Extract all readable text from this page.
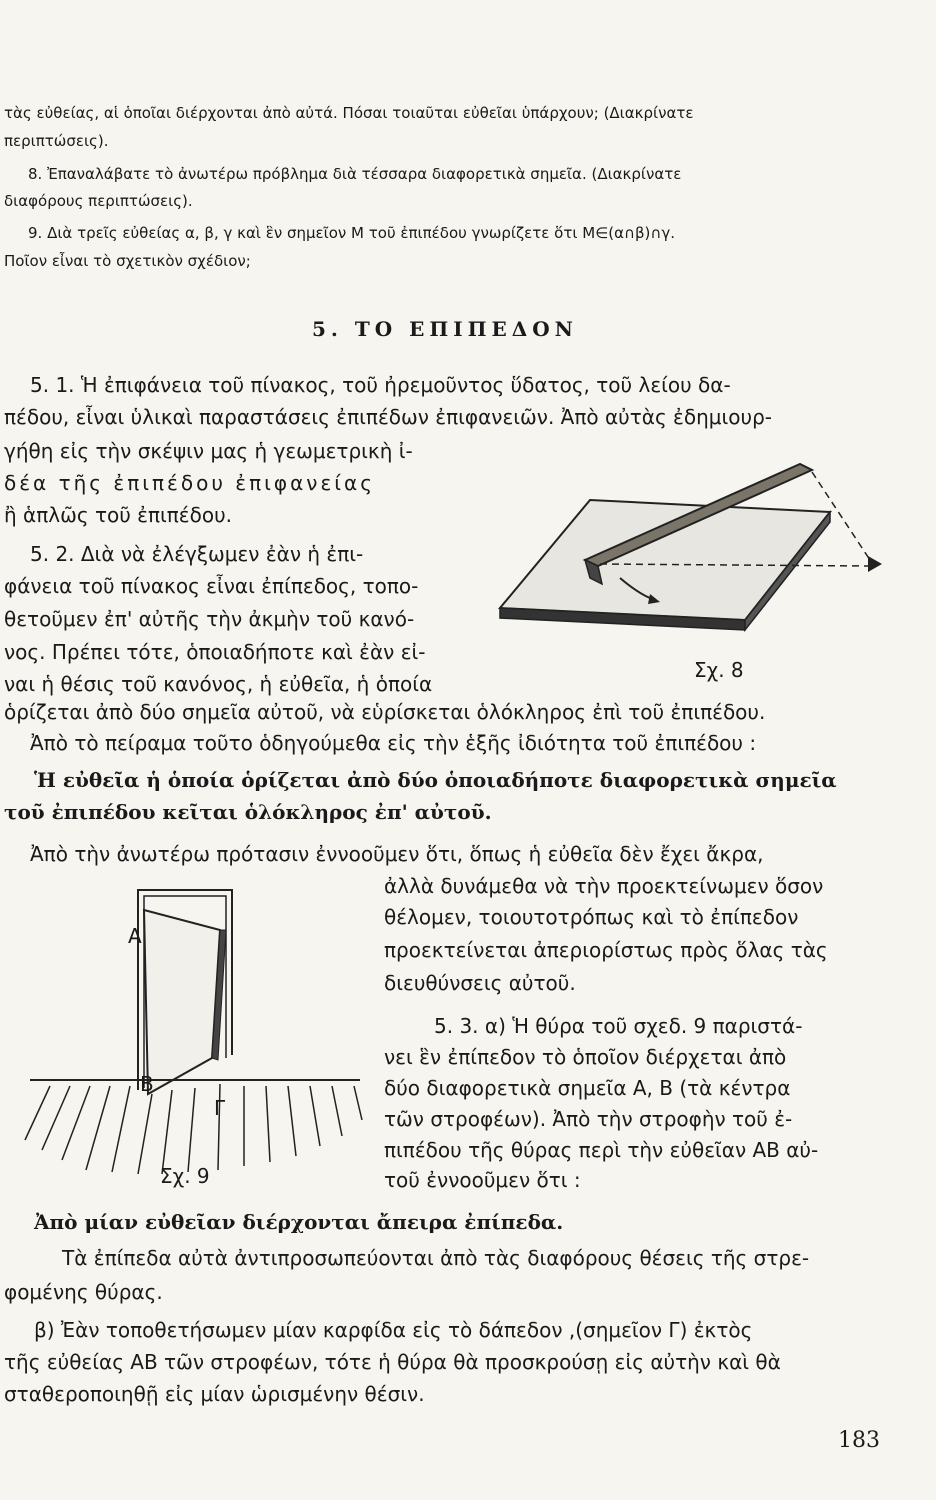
τὰς εὐθείας, αἱ ὁποῖαι διέρχονται ἀπὸ αὐτά. Πόσαι τοιαῦται εὐθεῖαι ὑπάρχουν; (Διακρίνατε

περιπτώσεις).

8. Ἐπαναλάβατε τὸ ἀνωτέρω πρόβλημα διὰ τέσσαρα διαφορετικὰ σημεῖα. (Διακρίνατε

διαφόρους περιπτώσεις).

9. Διὰ τρεῖς εὐθείας α, β, γ καὶ ἓν σημεῖον Μ τοῦ ἐπιπέδου γνωρίζετε ὅτι Μ∈(α∩β)∩γ.

Ποῖον εἶναι τὸ σχετικὸν σχέδιον;

5. ΤΟ ΕΠΙΠΕΔΟΝ

5. 1. Ἡ ἐπιφάνεια τοῦ πίνακος, τοῦ ἠρεμοῦντος ὕδατος, τοῦ λείου δα-

πέδου, εἶναι ὑλικαὶ παραστάσεις ἐπιπέδων ἐπιφανειῶν. Ἀπὸ αὐτὰς ἐδημιουρ-

γήθη εἰς τὴν σκέψιν μας ἡ γεωμετρικὴ ἰ-

δέα τῆς ἐπιπέδου ἐπιφανείας

ἢ ἁπλῶς τοῦ ἐπιπέδου.

Σχ. 8

5. 2. Διὰ νὰ ἐλέγξωμεν ἐὰν ἡ ἐπι-

φάνεια τοῦ πίνακος εἶναι ἐπίπεδος, τοπο-

θετοῦμεν ἐπ' αὐτῆς τὴν ἀκμὴν τοῦ κανό-

νος. Πρέπει τότε, ὁποιαδήποτε καὶ ἐὰν εἰ-

ναι ἡ θέσις τοῦ κανόνος, ἡ εὐθεῖα, ἡ ὁποία

ὁρίζεται ἀπὸ δύο σημεῖα αὐτοῦ, νὰ εὑρίσκεται ὁλόκληρος ἐπὶ τοῦ ἐπιπέδου.

Ἀπὸ τὸ πείραμα τοῦτο ὁδηγούμεθα εἰς τὴν ἑξῆς ἰδιότητα τοῦ ἐπιπέδου :

Ἡ εὐθεῖα ἡ ὁποία ὁρίζεται ἀπὸ δύο ὁποιαδήποτε διαφορετικὰ σημεῖα

τοῦ ἐπιπέδου κεῖται ὁλόκληρος ἐπ' αὐτοῦ.

Ἀπὸ τὴν ἀνωτέρω πρότασιν ἐννοοῦμεν ὅτι, ὅπως ἡ εὐθεῖα δὲν ἔχει ἄκρα,

ἀλλὰ δυνάμεθα νὰ τὴν προεκτείνωμεν ὅσον

θέλομεν, τοιουτοτρόπως καὶ τὸ ἐπίπεδον

προεκτείνεται ἀπεριορίστως πρὸς ὅλας τὰς

διευθύνσεις αὐτοῦ.

Α

Β

Γ

Σχ. 9

5. 3. α) Ἡ θύρα τοῦ σχεδ. 9 παριστά-

νει ἓν ἐπίπεδον τὸ ὁποῖον διέρχεται ἀπὸ

δύο διαφορετικὰ σημεῖα Α, Β (τὰ κέντρα

τῶν στροφέων). Ἀπὸ τὴν στροφὴν τοῦ ἐ-

πιπέδου τῆς θύρας περὶ τὴν εὐθεῖαν ΑΒ αὐ-

τοῦ ἐννοοῦμεν ὅτι :

Ἀπὸ μίαν εὐθεῖαν διέρχονται ἄπειρα ἐπίπεδα.

Τὰ ἐπίπεδα αὐτὰ ἀντιπροσωπεύονται ἀπὸ τὰς διαφόρους θέσεις τῆς στρε-

φομένης θύρας.

β) Ἐὰν τοποθετήσωμεν μίαν καρφίδα εἰς τὸ δάπεδον ,(σημεῖον Γ) ἐκτὸς

τῆς εὐθείας ΑΒ τῶν στροφέων, τότε ἡ θύρα θὰ προσκρούσῃ εἰς αὐτὴν καὶ θὰ

σταθεροποιηθῇ εἰς μίαν ὡρισμένην θέσιν.

183
